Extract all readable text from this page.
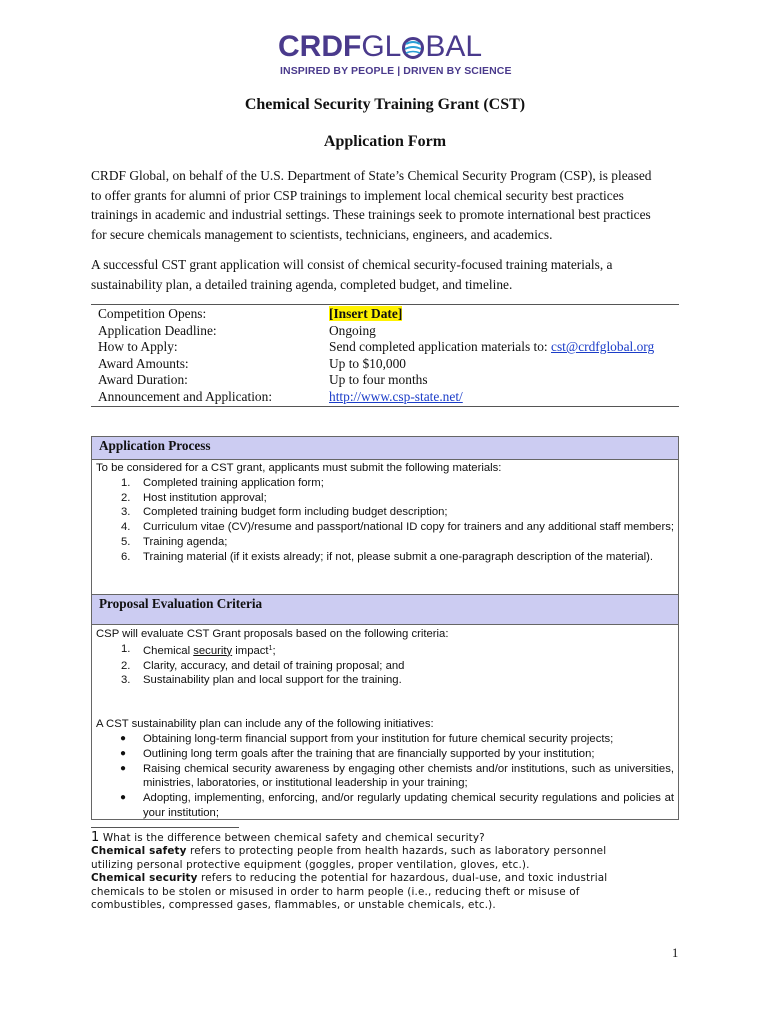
CRDFGL BAL
INSPIRED BY PEOPLE | DRIVEN BY SCIENCE
Chemical Security Training Grant (CST)
Application Form
CRDF Global, on behalf of the U.S. Department of State’s Chemical Security Program (CSP), is pleased
to offer grants for alumni of prior CSP trainings to implement local chemical security best practices
trainings in academic and industrial settings. These trainings seek to promote international best practices
for secure chemicals management to scientists, technicians, engineers, and academics.
A successful CST grant application will consist of chemical security-focused training materials, a
sustainability plan, a detailed training agenda, completed budget, and timeline.
Competition Opens:
Application Deadline:
How to Apply:
Award Amounts:
Award Duration:
Announcement and Application:
[Insert Date]
Ongoing
Send completed application materials to: cst@crdfglobal.org
Up to $10,000
Up to four months
http://www.csp-state.net/
Application Process
To be considered for a CST grant, applicants must submit the following materials:
1. Completed training application form;
2. Host institution approval;
3. Completed training budget form including budget description;
4. Curriculum vitae (CV)/resume and passport/national ID copy for trainers and any additional staff members;
5. Training agenda;
6. Training material (if it exists already; if not, please submit a one-paragraph description of the material).
Proposal Evaluation Criteria
CSP will evaluate CST Grant proposals based on the following criteria:
1. Chemical security impact$^1$;
2. Clarity, accuracy, and detail of training proposal; and
3. Sustainability plan and local support for the training.
A CST sustainability plan can include any of the following initiatives:
● Obtaining long-term financial support from your institution for future chemical security projects;
● Outlining long term goals after the training that are financially supported by your institution;
● Raising chemical security awareness by engaging other chemists and/or institutions, such as universities, ministries, laboratories, or institutional leadership in your training;
● Adopting, implementing, enforcing, and/or regularly updating chemical security regulations and policies at your institution;
1 What is the difference between chemical safety and chemical security?
Chemical safety refers to protecting people from health hazards, such as laboratory personnel
utilizing personal protective equipment (goggles, proper ventilation, gloves, etc.).
Chemical security refers to reducing the potential for hazardous, dual-use, and toxic industrial
chemicals to be stolen or misused in order to harm people (i.e., reducing theft or misuse of
combustibles, compressed gases, flammables, or unstable chemicals, etc.).
1
